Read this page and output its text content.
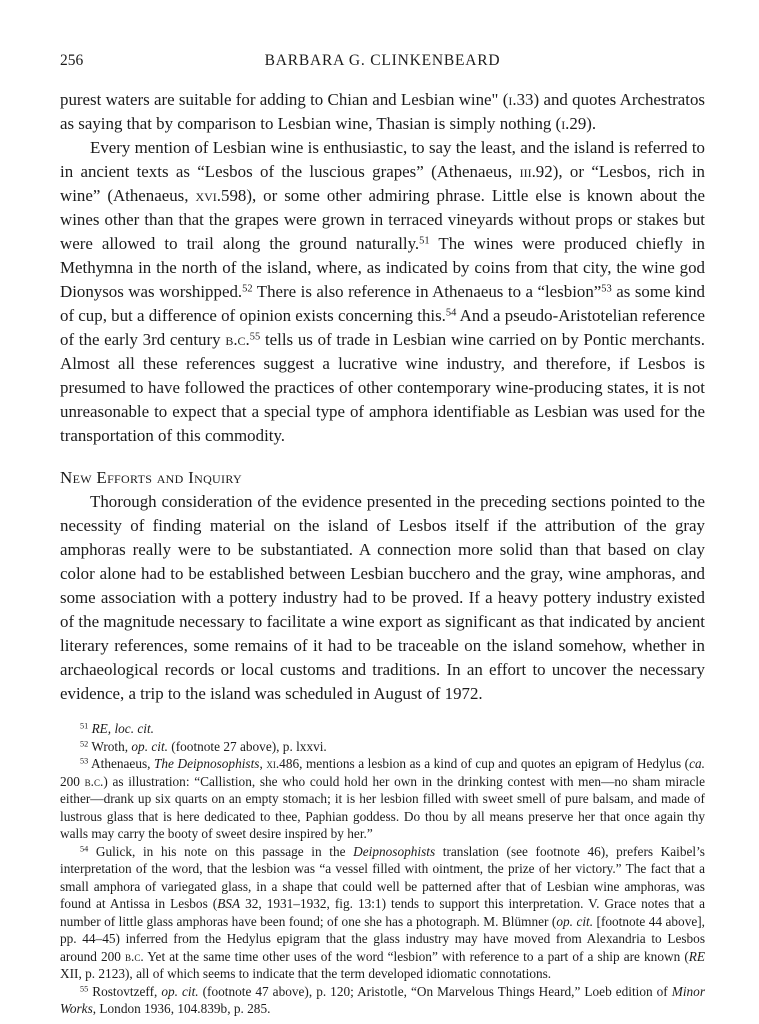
256	BARBARA G. CLINKENBEARD

purest waters are suitable for adding to Chian and Lesbian wine" (i.33) and quotes Archestratos as saying that by comparison to Lesbian wine, Thasian is simply nothing (i.29).

Every mention of Lesbian wine is enthusiastic, to say the least, and the island is referred to in ancient texts as “Lesbos of the luscious grapes” (Athenaeus, iii.92), or “Lesbos, rich in wine” (Athenaeus, xvi.598), or some other admiring phrase. Little else is known about the wines other than that the grapes were grown in terraced vineyards without props or stakes but were allowed to trail along the ground naturally.$^{51}$ The wines were produced chiefly in Methymna in the north of the island, where, as indicated by coins from that city, the wine god Dionysos was worshipped.$^{52}$ There is also reference in Athenaeus to a “lesbion”$^{53}$ as some kind of cup, but a difference of opinion exists concerning this.$^{54}$ And a pseudo-Aristotelian reference of the early 3rd century b.c.$^{55}$ tells us of trade in Lesbian wine carried on by Pontic merchants. Almost all these references suggest a lucrative wine industry, and therefore, if Lesbos is presumed to have followed the practices of other contemporary wine-producing states, it is not unreasonable to expect that a special type of amphora identifiable as Lesbian was used for the transportation of this commodity.

New Efforts and Inquiry

Thorough consideration of the evidence presented in the preceding sections pointed to the necessity of finding material on the island of Lesbos itself if the attribution of the gray amphoras really were to be substantiated. A connection more solid than that based on clay color alone had to be established between Lesbian bucchero and the gray, wine amphoras, and some association with a pottery industry had to be proved. If a heavy pottery industry existed of the magnitude necessary to facilitate a wine export as significant as that indicated by ancient literary references, some remains of it had to be traceable on the island somehow, whether in archaeological records or local customs and traditions. In an effort to uncover the necessary evidence, a trip to the island was scheduled in August of 1972.

$^{51}$ RE, loc. cit.

$^{52}$ Wroth, op. cit. (footnote 27 above), p. lxxvi.

$^{53}$ Athenaeus, The Deipnosophists, xi.486, mentions a lesbion as a kind of cup and quotes an epigram of Hedylus (ca. 200 b.c.) as illustration: “Callistion, she who could hold her own in the drinking contest with men—no sham miracle either—drank up six quarts on an empty stomach; it is her lesbion filled with sweet smell of pure balsam, and made of lustrous glass that is here dedicated to thee, Paphian goddess. Do thou by all means preserve her that once again thy walls may carry the booty of sweet desire inspired by her.”

$^{54}$ Gulick, in his note on this passage in the Deipnosophists translation (see footnote 46), prefers Kaibel’s interpretation of the word, that the lesbion was “a vessel filled with ointment, the prize of her victory.” The fact that a small amphora of variegated glass, in a shape that could well be patterned after that of Lesbian wine amphoras, was found at Antissa in Lesbos (BSA 32, 1931–1932, fig. 13:1) tends to support this interpretation. V. Grace notes that a number of little glass amphoras have been found; of one she has a photograph. M. Blümner (op. cit. [footnote 44 above], pp. 44–45) inferred from the Hedylus epigram that the glass industry may have moved from Alexandria to Lesbos around 200 b.c. Yet at the same time other uses of the word “lesbion” with reference to a part of a ship are known (RE XII, p. 2123), all of which seems to indicate that the term developed idiomatic connotations.

$^{55}$ Rostovtzeff, op. cit. (footnote 47 above), p. 120; Aristotle, “On Marvelous Things Heard,” Loeb edition of Minor Works, London 1936, 104.839b, p. 285.
